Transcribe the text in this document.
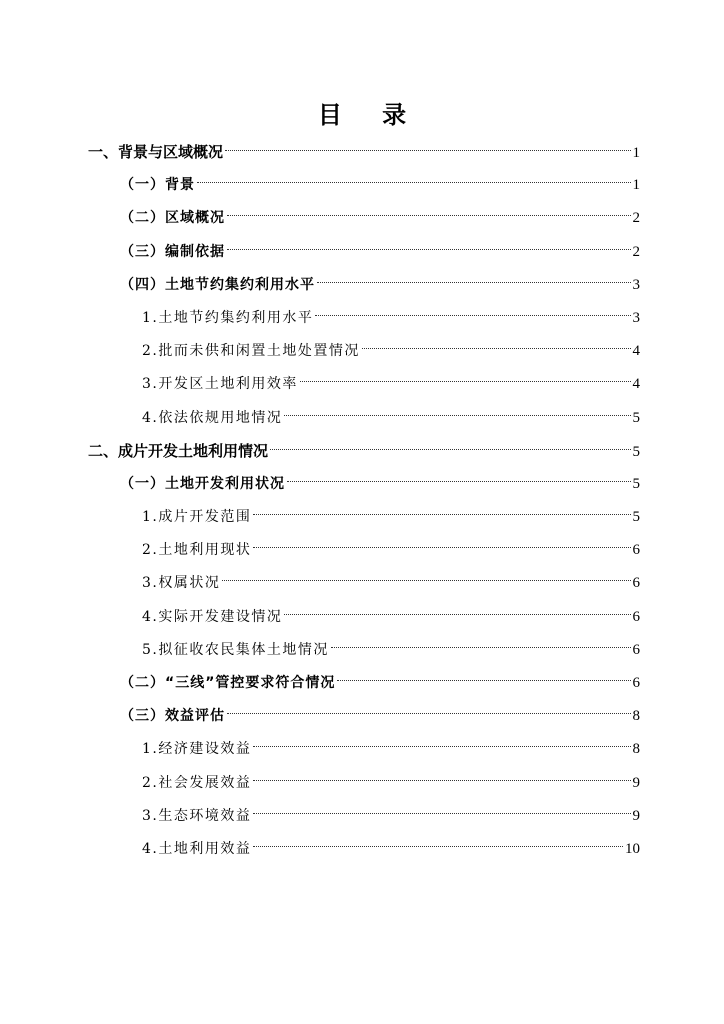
目 录
一、背景与区域概况	1
（一）背景	1
（二）区域概况	2
（三）编制依据	2
（四）土地节约集约利用水平	3
1.土地节约集约利用水平	3
2.批而未供和闲置土地处置情况	4
3.开发区土地利用效率	4
4.依法依规用地情况	5
二、成片开发土地利用情况	5
（一）土地开发利用状况	5
1.成片开发范围	5
2.土地利用现状	6
3.权属状况	6
4.实际开发建设情况	6
5.拟征收农民集体土地情况	6
（二）“三线”管控要求符合情况	6
（三）效益评估	8
1.经济建设效益	8
2.社会发展效益	9
3.生态环境效益	9
4.土地利用效益	10
